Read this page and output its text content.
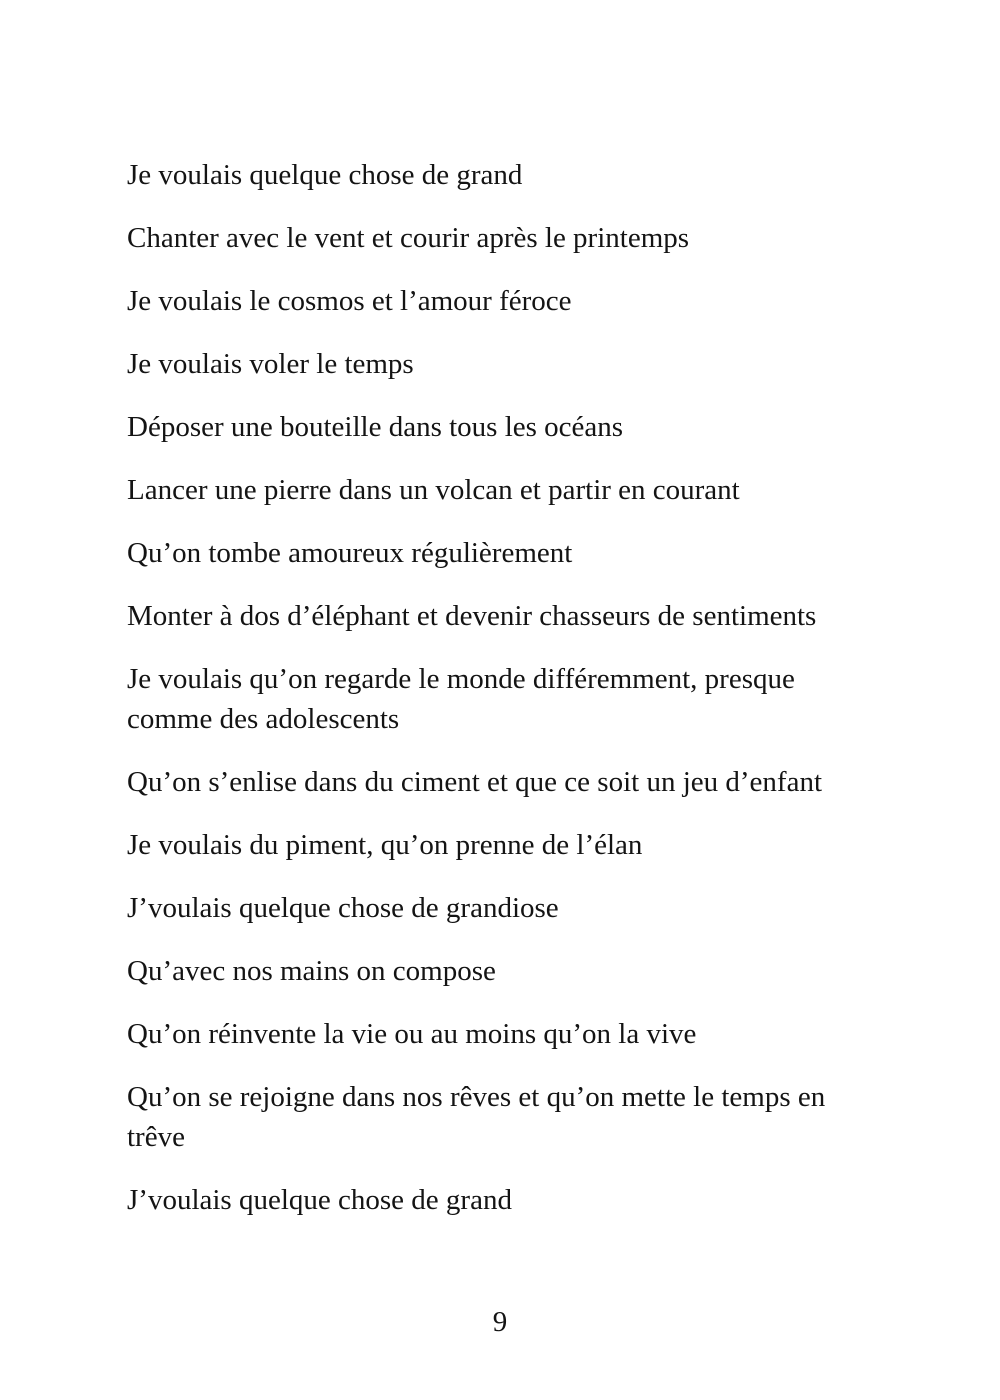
Je voulais quelque chose de grand
Chanter avec le vent et courir après le printemps
Je voulais le cosmos et l’amour féroce
Je voulais voler le temps
Déposer une bouteille dans tous les océans
Lancer une pierre dans un volcan et partir en courant
Qu’on tombe amoureux régulièrement
Monter à dos d’éléphant et devenir chasseurs de sentiments
Je voulais qu’on regarde le monde différemment, presque comme des adolescents
Qu’on s’enlise dans du ciment et que ce soit un jeu d’enfant
Je voulais du piment, qu’on prenne de l’élan
J’voulais quelque chose de grandiose
Qu’avec nos mains on compose
Qu’on réinvente la vie ou au moins qu’on la vive
Qu’on se rejoigne dans nos rêves et qu’on mette le temps en trêve
J’voulais quelque chose de grand
9
